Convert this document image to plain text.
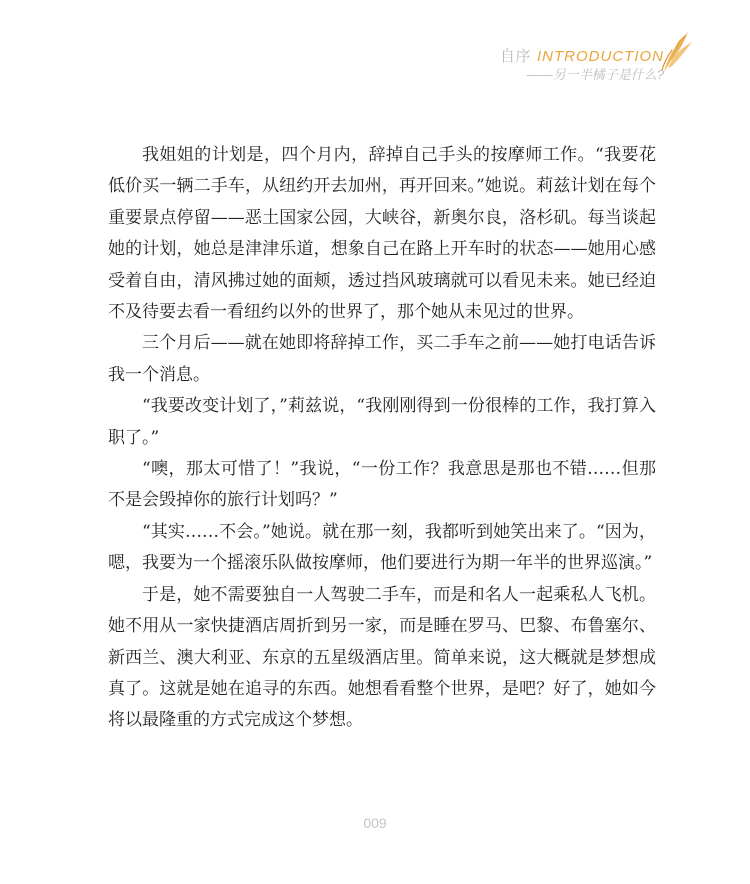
自序 INTRODUCTION
——另一半橘子是什么?

我姐姐的计划是，四个月内，辞掉自己手头的按摩师工作。“我要花低价买一辆二手车，从纽约开去加州，再开回来。”她说。莉兹计划在每个重要景点停留——恶土国家公园，大峡谷，新奥尔良，洛杉矶。每当谈起她的计划，她总是津津乐道，想象自己在路上开车时的状态——她用心感受着自由，清风拂过她的面颊，透过挡风玻璃就可以看见未来。她已经迫不及待要去看一看纽约以外的世界了，那个她从未见过的世界。

三个月后——就在她即将辞掉工作，买二手车之前——她打电话告诉我一个消息。

“我要改变计划了，”莉兹说，“我刚刚得到一份很棒的工作，我打算入职了。”

“噢，那太可惜了！”我说，“一份工作？我意思是那也不错……但那不是会毁掉你的旅行计划吗？”

“其实……不会。”她说。就在那一刻，我都听到她笑出来了。“因为，嗯，我要为一个摇滚乐队做按摩师，他们要进行为期一年半的世界巡演。”

于是，她不需要独自一人驾驶二手车，而是和名人一起乘私人飞机。她不用从一家快捷酒店周折到另一家，而是睡在罗马、巴黎、布鲁塞尔、新西兰、澳大利亚、东京的五星级酒店里。简单来说，这大概就是梦想成真了。这就是她在追寻的东西。她想看看整个世界，是吧？好了，她如今将以最隆重的方式完成这个梦想。

009
